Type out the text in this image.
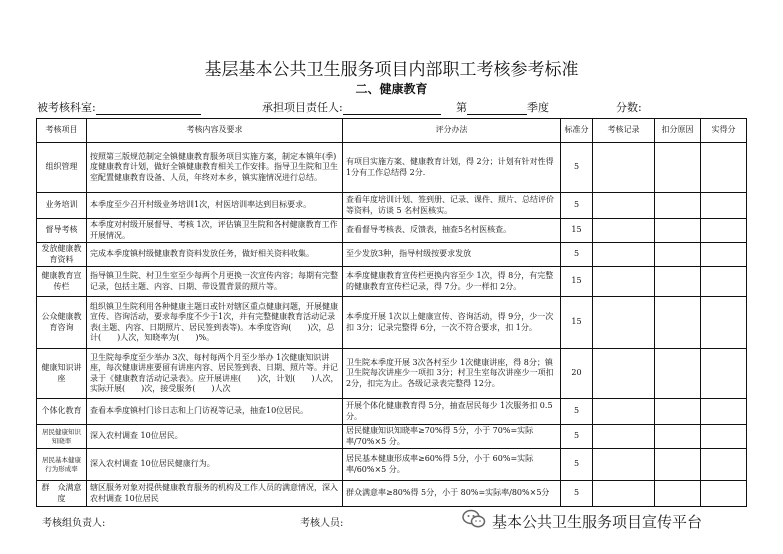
基层基本公共卫生服务项目内部职工考核参考标准
二、健康教育
被考核科室:	承担项目责任人:	第	季度	分数:
考核项目	考核内容及要求	评分办法	标准分	考核记录	扣分原因	实得分
组织管理	按照第三版规范制定全镇健康教育服务项目实施方案，制定本镇年(季)度健康教育计划，做好全镇健康教育相关工作安排。指导卫生院和卫生室配置健康教育设备、人员，年终对本乡，镇实施情况进行总结。	有项目实施方案、健康教育计划，得 2分；计划有针对性得 1分有工作总结得 2分.	5			
业务培训	本季度至少召开村级业务培训1次，村医培训率达到目标要求。	查看年度培训计划、签到册、记录、课件、照片、总结评价等资料，访谈 5 名村医核实。	5			
督导考核	本季度对村级开展督导、考核 1次，评估镇卫生院和各村健康教育工作开展情况。	查看督导考核表、反馈表，抽查5名村医核查。	15			
发放健康教育资料	完成本季度镇村级健康教育资料发放任务，做好相关资料收集。	至少发放3种，指导村级按要求发放	5			
健康教育宣传栏	指导镇卫生院、村卫生室至少每两个月更换一次宣传内容；每期有完整记录，包括主题、内容、日期、带设置背景的照片等。	本季度健康教育宣传栏更换内容至少 1次，得 8分，有完整的健康教育宣传栏记录，得 7分。少一样扣 2分。	15			
公众健康教育咨询	组织镇卫生院利用各种健康主题日或针对辖区重点健康问题，开展健康宣传、咨询活动，要求每季度不少于1次，并有完整健康教育活动记录表(主题、内容、日期照片、居民签到表等)。本季度咨询(　　)次，总计(　　)人次，知晓率为(　　)%。	本季度开展 1次以上健康宣传、咨询活动，得 9分，少一次扣 3分；记录完整得 6分，一次不符合要求，扣 1分。	15			
健康知识讲　座	卫生院每季度至少举办 3次、每村每两个月至少举办 1次健康知识讲座，每次健康讲座要留有讲座内容、居民签到表、日期、照片等。并记录于《健康教育活动记录表》。应开展讲座(　　)次，计划(　　)人次，实际开展(　　)次，接受服务(　　)人次	卫生院本季度开展 3次各村至少 1次健康讲座，得 8分；镇卫生院每次讲座少一项扣 3分；村卫生室每次讲座少一项扣 2分，扣完为止。各级记录表完整得 12分。	20			
个体化教育	查看本季度镇村门诊日志和上门访视等记录，抽查10位居民。	开展个体化健康教育得 5分，抽查居民每少 1次服务扣 0.5 分。	5			
居民健康知识知晓率	深入农村调查 10位居民。	居民健康知识知晓率≥70%得 5分，小于 70%=实际率/70%×5 分。	5			
居民基本健康行为形成率	深入农村调查 10位居民健康行为。	居民基本健康形成率≥60%得 5分，小于 60%=实际率/60%×5 分。	5			
群　众满意度	辖区服务对象对提供健康教育服务的机构及工作人员的满意情况，深入农村调查 10位居民	群众满意率≥80%得 5分，小于 80%=实际率/80%×5分	5			
考核组负责人:	考核人员:	基本公共卫生服务项目宣传平台
